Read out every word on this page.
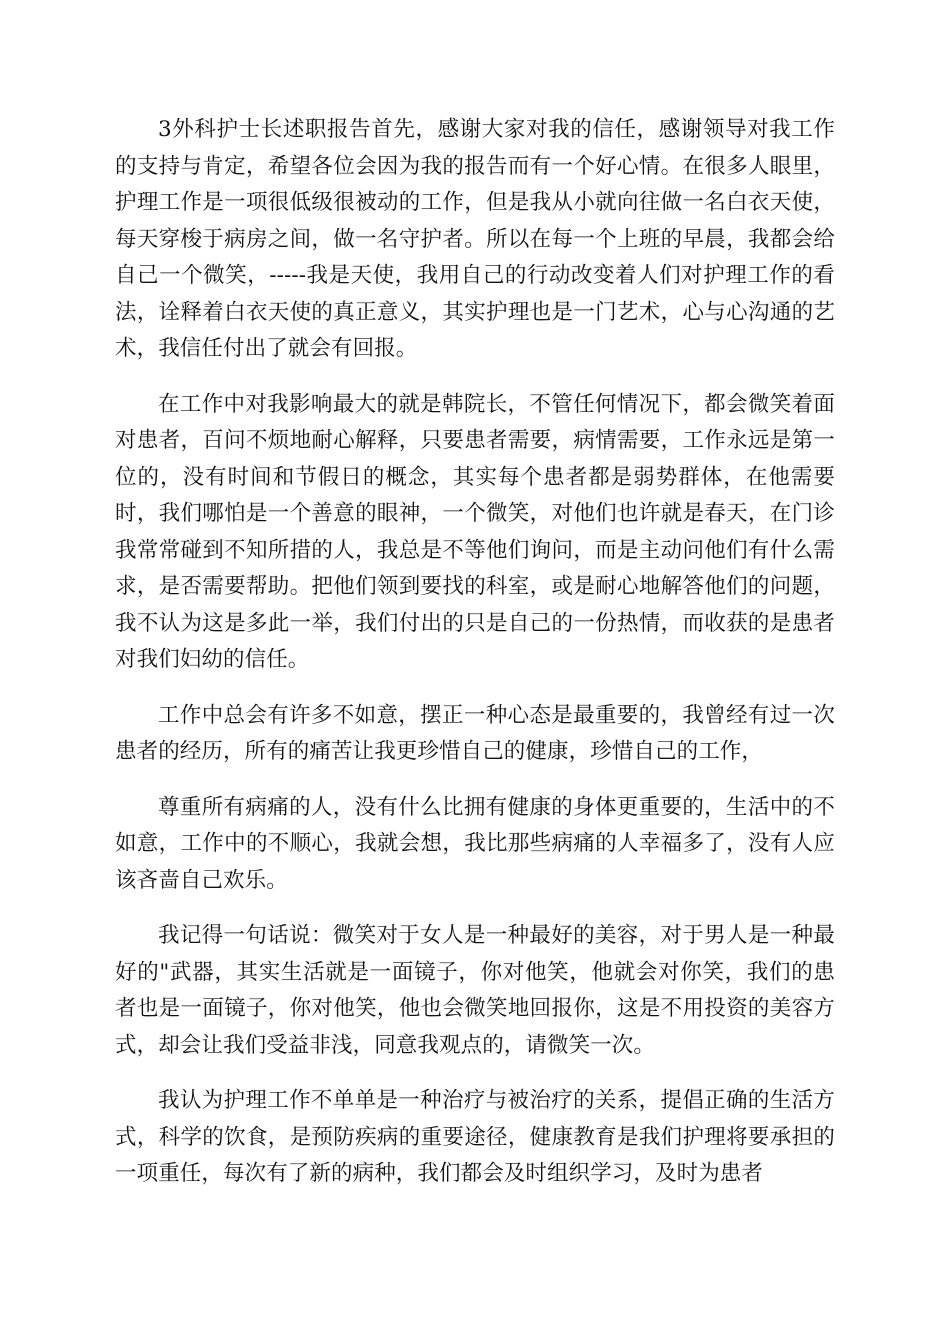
3外科护士长述职报告首先，感谢大家对我的信任，感谢领导对我工作的支持与肯定，希望各位会因为我的报告而有一个好心情。在很多人眼里，护理工作是一项很低级很被动的工作，但是我从小就向往做一名白衣天使，每天穿梭于病房之间，做一名守护者。所以在每一个上班的早晨，我都会给自己一个微笑，-----我是天使，我用自己的行动改变着人们对护理工作的看法，诠释着白衣天使的真正意义，其实护理也是一门艺术，心与心沟通的艺术，我信任付出了就会有回报。

在工作中对我影响最大的就是韩院长，不管任何情况下，都会微笑着面对患者，百问不烦地耐心解释，只要患者需要，病情需要，工作永远是第一位的，没有时间和节假日的概念，其实每个患者都是弱势群体，在他需要时，我们哪怕是一个善意的眼神，一个微笑，对他们也许就是春天，在门诊我常常碰到不知所措的人，我总是不等他们询问，而是主动问他们有什么需求，是否需要帮助。把他们领到要找的科室，或是耐心地解答他们的问题，我不认为这是多此一举，我们付出的只是自己的一份热情，而收获的是患者对我们妇幼的信任。

工作中总会有许多不如意，摆正一种心态是最重要的，我曾经有过一次患者的经历，所有的痛苦让我更珍惜自己的健康，珍惜自己的工作，

尊重所有病痛的人，没有什么比拥有健康的身体更重要的，生活中的不如意，工作中的不顺心，我就会想，我比那些病痛的人幸福多了，没有人应该吝啬自己欢乐。

我记得一句话说：微笑对于女人是一种最好的美容，对于男人是一种最好的"武器，其实生活就是一面镜子，你对他笑，他就会对你笑，我们的患者也是一面镜子，你对他笑，他也会微笑地回报你，这是不用投资的美容方式，却会让我们受益非浅，同意我观点的，请微笑一次。

我认为护理工作不单单是一种治疗与被治疗的关系，提倡正确的生活方式，科学的饮食，是预防疾病的重要途径，健康教育是我们护理将要承担的一项重任，每次有了新的病种，我们都会及时组织学习，及时为患者
